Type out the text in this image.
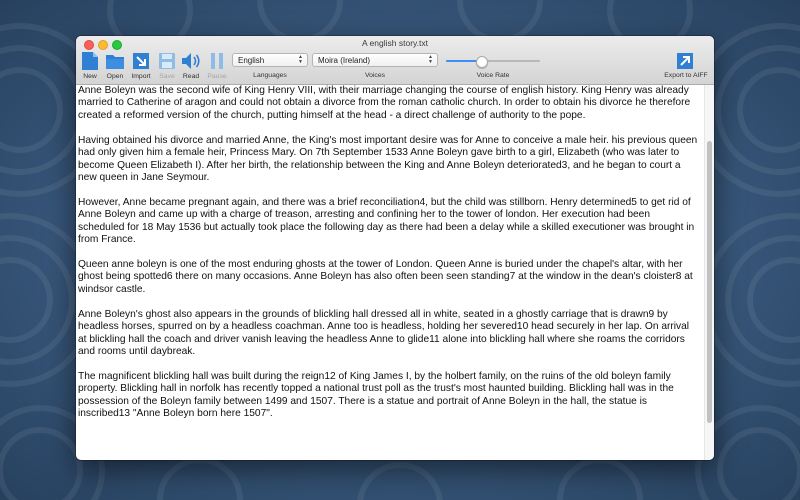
A english story.txt
New	Open	Import	Save	Read	Pause
English	▲
▼
Languages
Moira (Ireland)	▲
▼
Voices	Voice Rate	Export to AIFF

Anne Boleyn was the second wife of King Henry VIII, with their marriage changing the course of english history. King Henry was already married to Catherine of aragon and could not obtain a divorce from the roman catholic church. In order to obtain his divorce he therefore created a reformed version of the church, putting himself at the head - a direct challenge of authority to the pope.

Having obtained his divorce and married Anne, the King's most important desire was for Anne to conceive a male heir. his previous queen had only given him a female heir, Princess Mary. On 7th September 1533 Anne Boleyn gave birth to a girl, Elizabeth (who was later to become Queen Elizabeth I). After her birth, the relationship between the King and Anne Boleyn deteriorated3, and he began to court a new queen in Jane Seymour.

However, Anne became pregnant again, and there was a brief reconciliation4, but the child was stillborn. Henry determined5 to get rid of Anne Boleyn and came up with a charge of treason, arresting and confining her to the tower of london. Her execution had been scheduled for 18 May 1536 but actually took place the following day as there had been a delay while a skilled executioner was brought in from France.

Queen anne boleyn is one of the most enduring ghosts at the tower of London. Queen Anne is buried under the chapel's altar, with her ghost being spotted6 there on many occasions. Anne Boleyn has also often been seen standing7 at the window in the dean's cloister8 at windsor castle.

Anne Boleyn's ghost also appears in the grounds of blickling hall dressed all in white, seated in a ghostly carriage that is drawn9 by headless horses, spurred on by a headless coachman. Anne too is headless, holding her severed10 head securely in her lap. On arrival at blickling hall the coach and driver vanish leaving the headless Anne to glide11 alone into blickling hall where she roams the corridors and rooms until daybreak.

The magnificent blickling hall was built during the reign12 of King James I, by the holbert family, on the ruins of the old boleyn family property. Blickling hall in norfolk has recently topped a national trust poll as the trust's most haunted building. Blickling hall was in the possession of the Boleyn family between 1499 and 1507. There is a statue and portrait of Anne Boleyn in the hall, the statue is inscribed13 "Anne Boleyn born here 1507".
